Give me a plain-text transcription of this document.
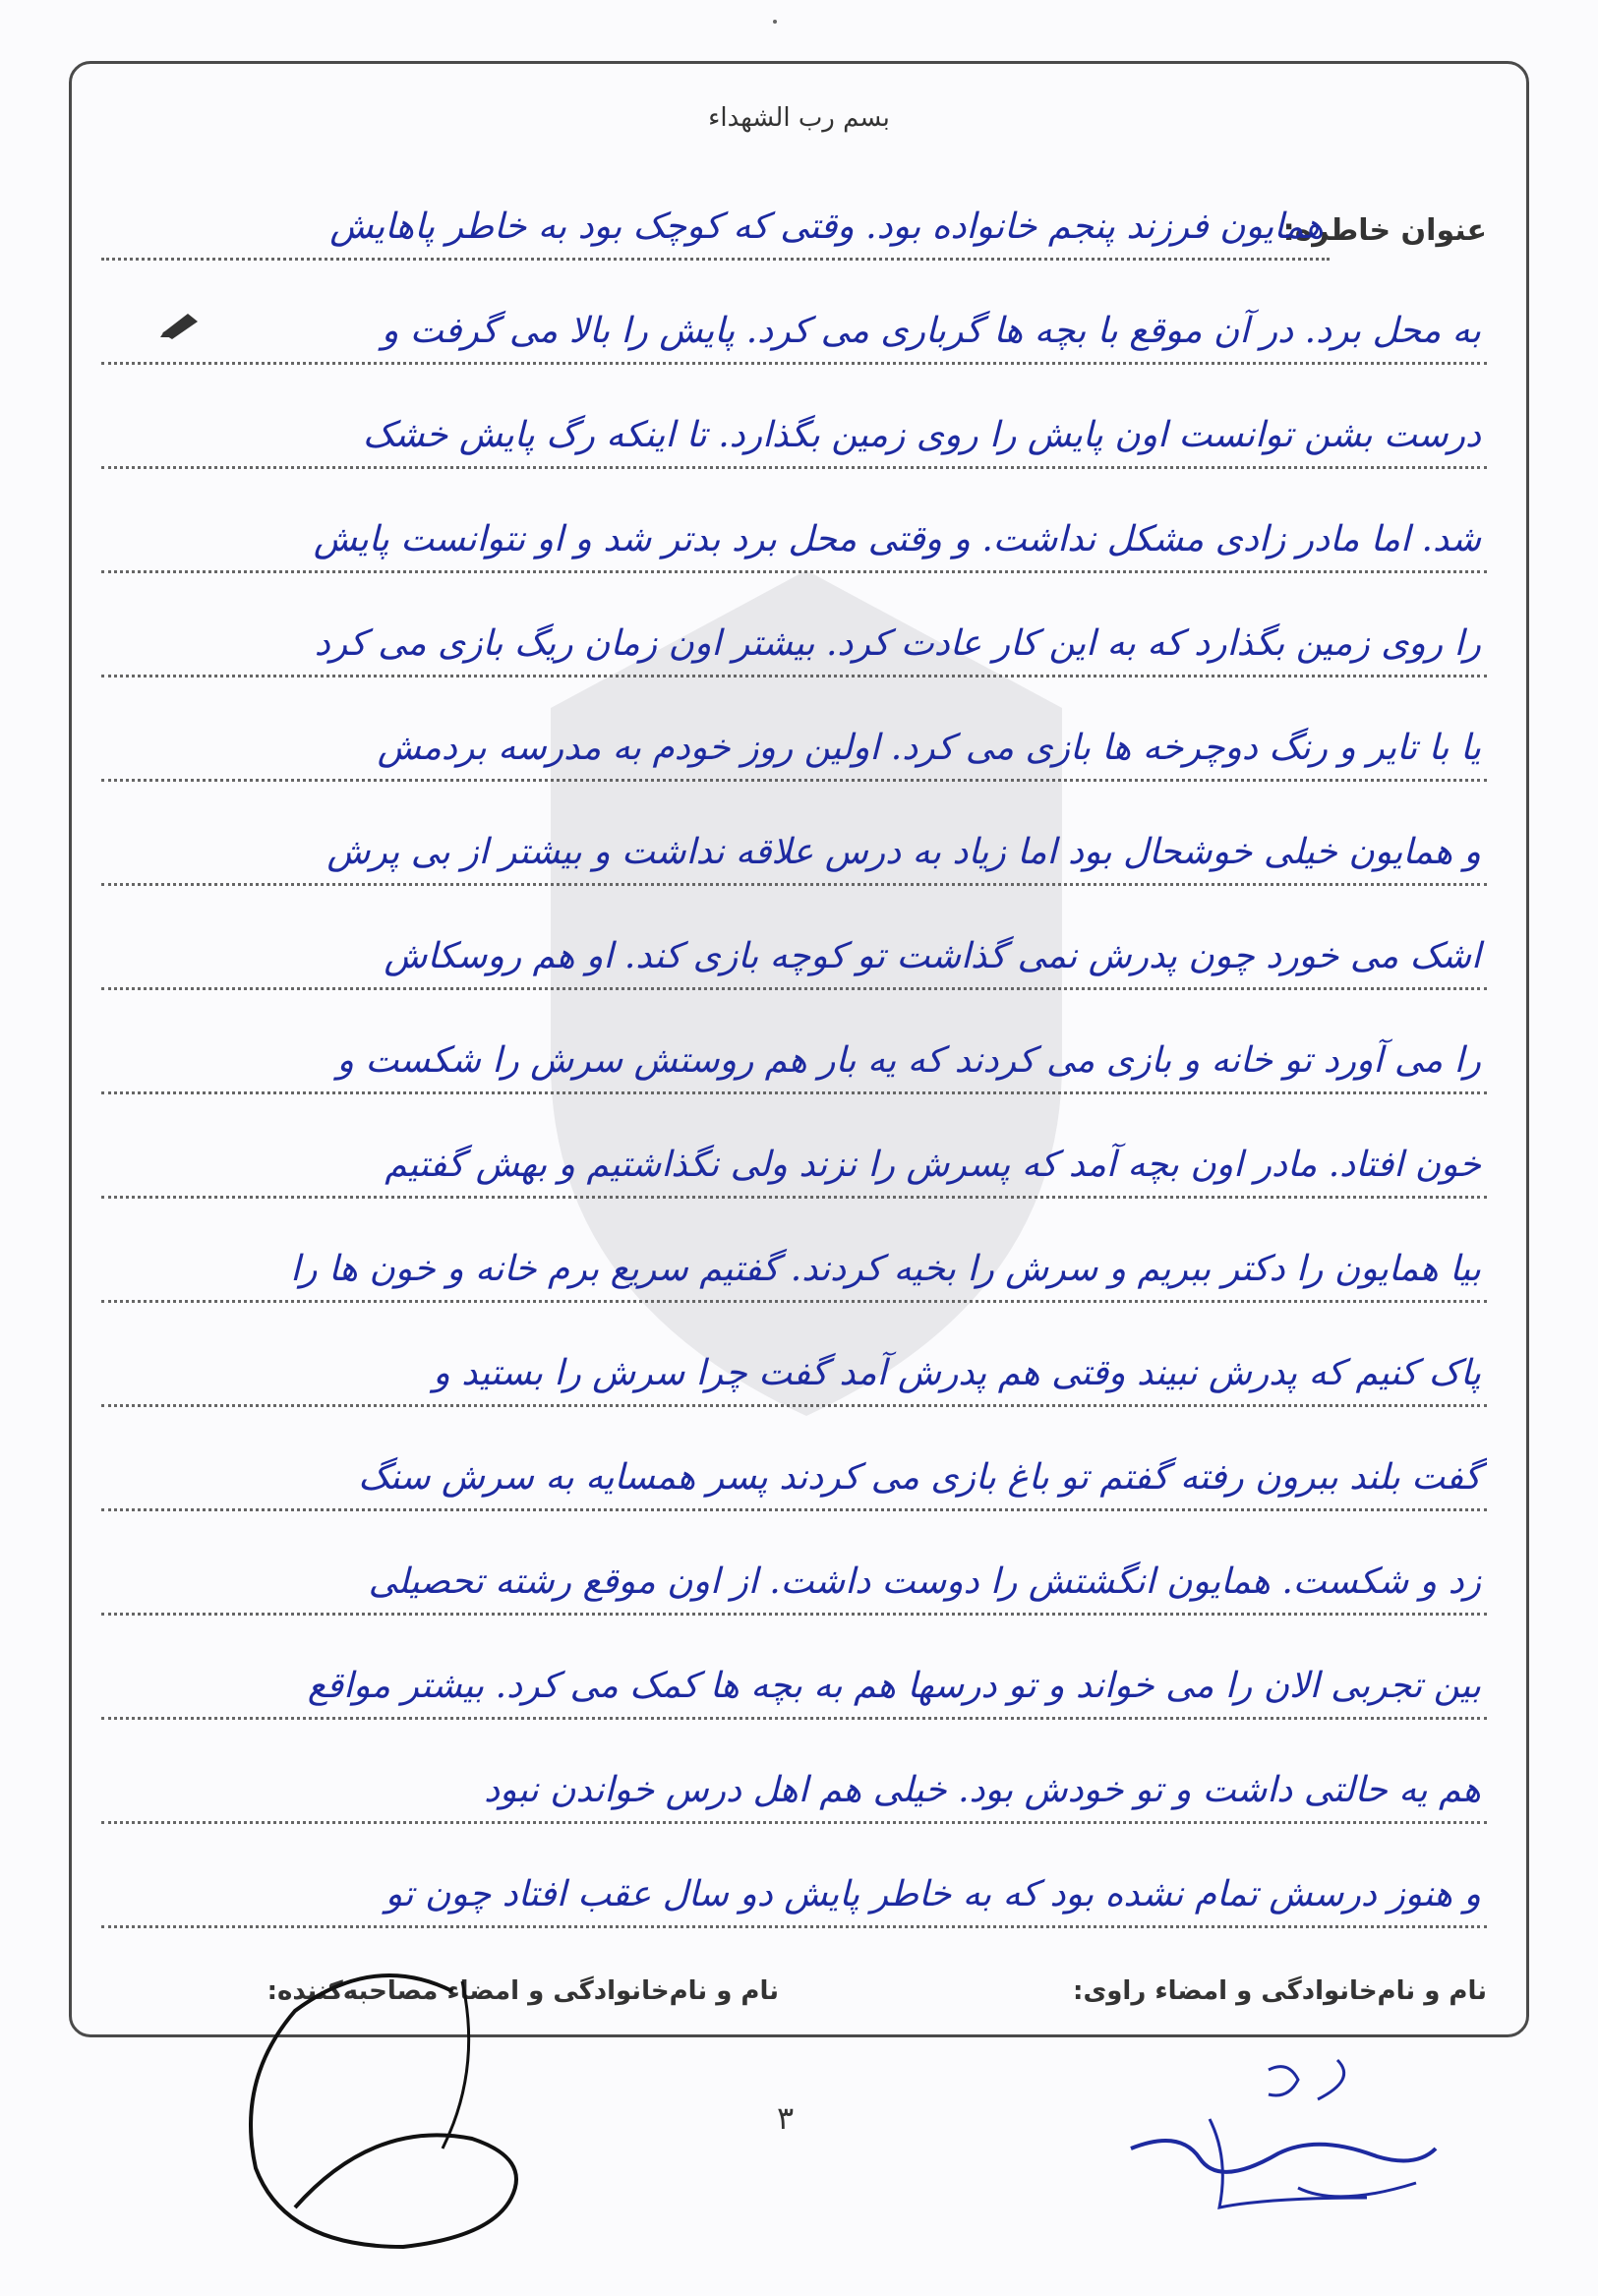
بسم رب الشهداء
عنوان خاطره:
همایون فرزند پنجم خانواده بود. وقتی که کوچک بود به خاطر پاهایش
به محل برد. در آن موقع با بچه ها گرباری می کرد. پایش را بالا می گرفت و
درست بشن توانست اون پایش را روی زمین بگذارد. تا اینکه رگ پایش خشک
شد. اما مادر زادی مشکل نداشت. و وقتی محل برد بدتر شد و او نتوانست پایش
را روی زمین بگذارد که به این کار عادت کرد. بیشتر اون زمان ریگ بازی می کرد
یا با تایر و رنگ دوچرخه ها بازی می کرد. اولین روز خودم به مدرسه بردمش
و همایون خیلی خوشحال بود اما زیاد به درس علاقه نداشت و بیشتر از بی پرش
اشک می خورد چون پدرش نمی گذاشت تو کوچه بازی کند. او هم روسکاش
را می آورد تو خانه و بازی می کردند که یه بار هم روستش سرش را شکست و
خون افتاد. مادر اون بچه آمد که پسرش را نزند ولی نگذاشتیم و بهش گفتیم
بیا همایون را دکتر ببریم و سرش را بخیه کردند. گفتیم سریع برم خانه و خون ها را
پاک کنیم که پدرش نبیند وقتی هم پدرش آمد گفت چرا سرش را بستید و
گفت بلند ببرون رفته گفتم تو باغ بازی می کردند پسر همسایه به سرش سنگ
زد و شکست. همایون انگشتش را دوست داشت. از اون موقع رشته تحصیلی
بین تجربی الان را می خواند و تو درسها هم به بچه ها کمک می کرد. بیشتر مواقع
هم یه حالتی داشت و تو خودش بود. خیلی هم اهل درس خواندن نبود
و هنوز درسش تمام نشده بود که به خاطر پایش دو سال عقب افتاد چون تو
نام و نام‌خانوادگی و امضاء راوی:
نام و نام‌خانوادگی و امضاء مصاحبه‌کننده:
۳
